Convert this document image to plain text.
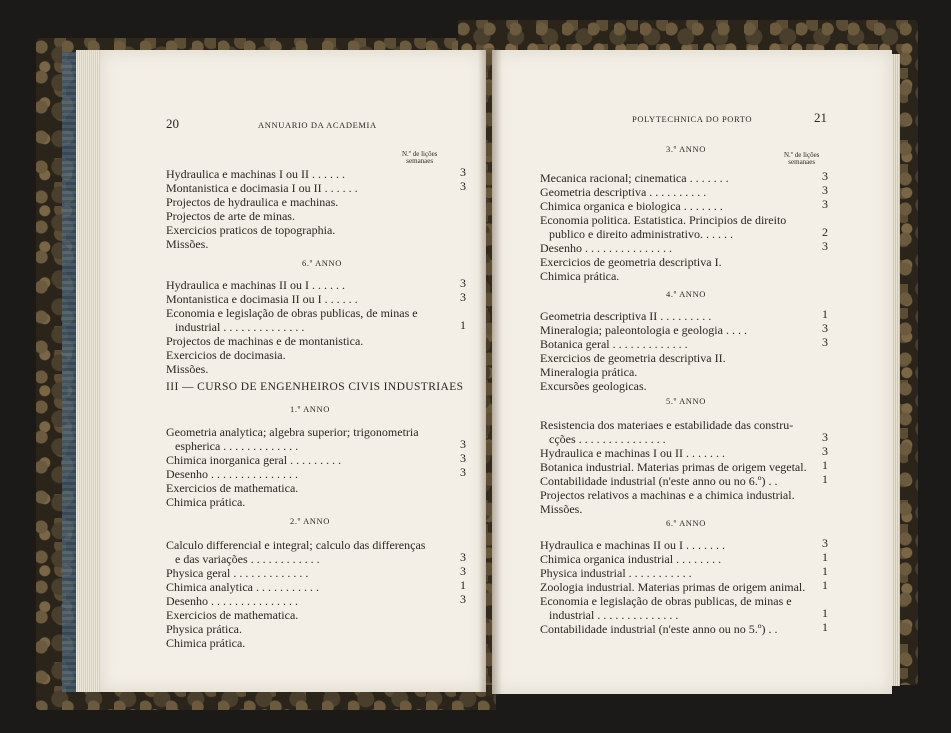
20	ANNUARIO DA ACADEMIA
N.º de lições
semanaes
Hydraulica e machinas I ou II . . . . . .	3
Montanistica e docimasia I ou II . . . . . .	3
Projectos de hydraulica e machinas.
Projectos de arte de minas.
Exercicios praticos de topographia.
Missões.
6.º ANNO
Hydraulica e machinas II ou I . . . . . .	3
Montanistica e docimasia II ou I . . . . . .	3
Economia e legislação de obras publicas, de minas e
industrial . . . . . . . . . . . . . .	1
Projectos de machinas e de montanistica.
Exercicios de docimasia.
Missões.
III — CURSO DE ENGENHEIROS CIVIS INDUSTRIAES
1.º ANNO
Geometria analytica; algebra superior; trigonometria
espherica . . . . . . . . . . . . .	3
Chimica inorganica geral . . . . . . . . .	3
Desenho . . . . . . . . . . . . . . .	3
Exercicios de mathematica.
Chimica prática.
2.º ANNO
Calculo differencial e integral; calculo das differenças
e das variações . . . . . . . . . . . .	3
Physica geral . . . . . . . . . . . . .	3
Chimica analytica . . . . . . . . . . .	1
Desenho . . . . . . . . . . . . . . .	3
Exercicios de mathematica.
Physica prática.
Chimica prática.
POLYTECHNICA DO PORTO	21
3.º ANNO
N.º de lições
semanaes
Mecanica racional; cinematica . . . . . . .	3
Geometria descriptiva . . . . . . . . . .	3
Chimica organica e biologica . . . . . . .	3
Economia politica. Estatistica. Principios de direito
publico e direito administrativo. . . . . .	2
Desenho . . . . . . . . . . . . . . .	3
Exercicios de geometria descriptiva I.
Chimica prática.
4.º ANNO
Geometria descriptiva II . . . . . . . . .	1
Mineralogia; paleontologia e geologia . . . .	3
Botanica geral . . . . . . . . . . . . .	3
Exercicios de geometria descriptiva II.
Mineralogia prática.
Excursões geologicas.
5.º ANNO
Resistencia dos materiaes e estabilidade das constru-
cções . . . . . . . . . . . . . . .	3
Hydraulica e machinas I ou II . . . . . . .	3
Botanica industrial. Materias primas de origem vegetal. 1
Contabilidade industrial (n'este anno ou no 6.º) . .	1
Projectos relativos a machinas e a chimica industrial.
Missões.
6.º ANNO
Hydraulica e machinas II ou I . . . . . . .	3
Chimica organica industrial . . . . . . . .	1
Physica industrial . . . . . . . . . . .	1
Zoologia industrial. Materias primas de origem animal. 1
Economia e legislação de obras publicas, de minas e
industrial . . . . . . . . . . . . . .	1
Contabilidade industrial (n'este anno ou no 5.º) . .	1
